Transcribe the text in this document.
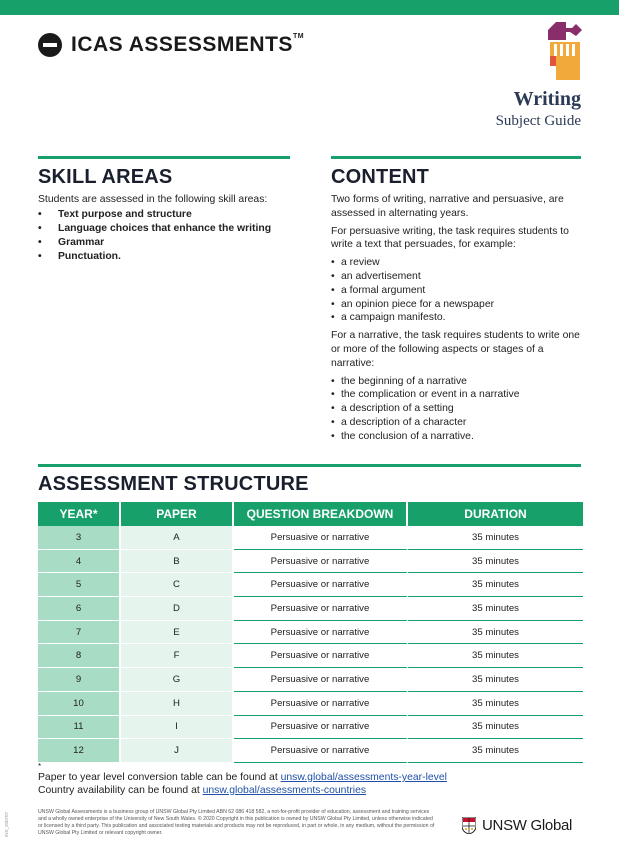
ICAS ASSESSMENTS™
Writing
Subject Guide
SKILL AREAS
Students are assessed in the following skill areas:
• Text purpose and structure
• Language choices that enhance the writing
• Grammar
• Punctuation.
CONTENT

Two forms of writing, narrative and persuasive, are assessed in alternating years.

For persuasive writing, the task requires students to write a text that persuades, for example:

• a review
• an advertisement
• a formal argument
• an opinion piece for a newspaper
• a campaign manifesto.

For a narrative, the task requires students to write one or more of the following aspects or stages of a narrative:

• the beginning of a narrative
• the complication or event in a narrative
• a description of a setting
• a description of a character
• the conclusion of a narrative.
ASSESSMENT STRUCTURE
YEAR*	PAPER	QUESTION BREAKDOWN	DURATION
3	A	Persuasive or narrative	35 minutes
4	B	Persuasive or narrative	35 minutes
5	C	Persuasive or narrative	35 minutes
6	D	Persuasive or narrative	35 minutes
7	E	Persuasive or narrative	35 minutes
8	F	Persuasive or narrative	35 minutes
9	G	Persuasive or narrative	35 minutes
10	H	Persuasive or narrative	35 minutes
11	I	Persuasive or narrative	35 minutes
12	J	Persuasive or narrative	35 minutes
*
Paper to year level conversion table can be found at unsw.global/assessments-year-level
Country availability can be found at unsw.global/assessments-countries
INS_200707	UNSW Global Assessments is a business group of UNSW Global Pty Limited ABN 62 086 418 582, a not-for-profit provider of education, assessment and training services and a wholly owned enterprise of the University of New South Wales. © 2020 Copyright in this publication is owned by UNSW Global Pty Limited, unless otherwise indicated or licensed by a third party. This publication and associated testing materials and products may not be reproduced, in part or whole, in any medium, without the permission of UNSW Global Pty Limited or relevant copyright owner.	UNSW Global
